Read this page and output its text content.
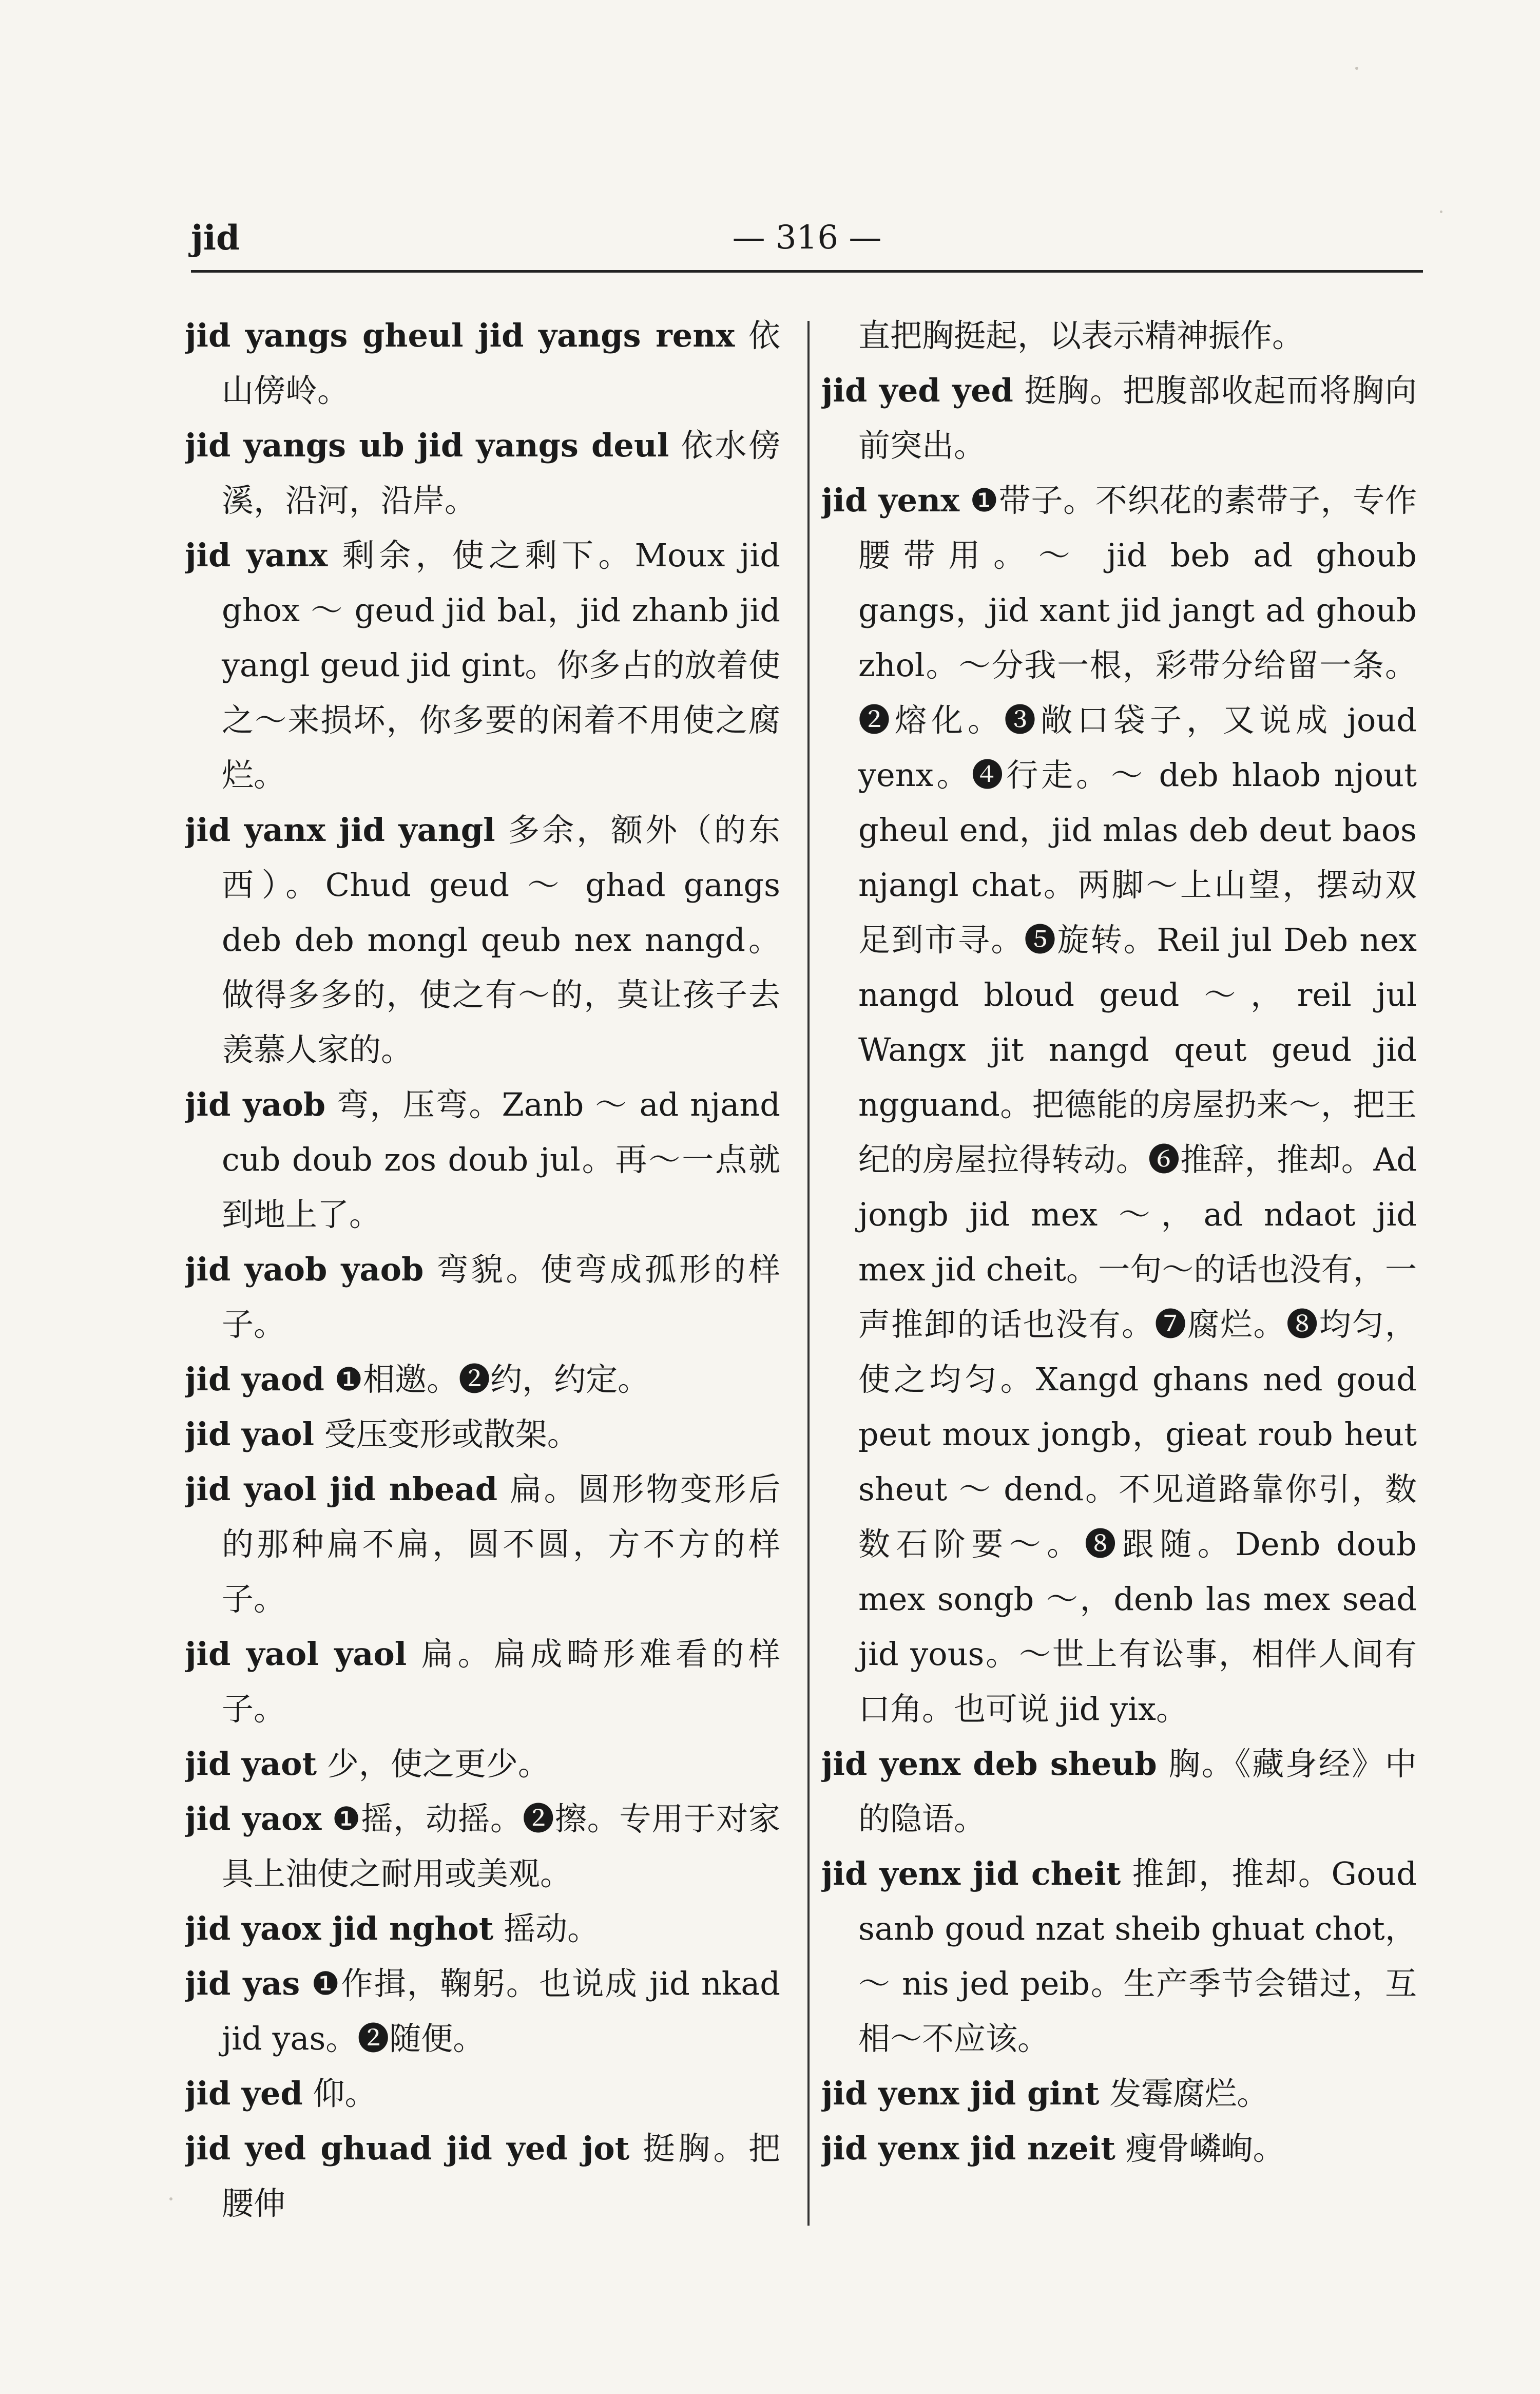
jid	— 316 —
jid yangs gheul jid yangs renx 依山傍岭。
jid yangs ub jid yangs deul 依水傍溪，沿河，沿岸。
jid yanx 剩余，使之剩下。Moux jid ghox ～ geud jid bal，jid zhanb jid yangl geud jid gint。你多占的放着使之～来损坏，你多要的闲着不用使之腐烂。
jid yanx jid yangl 多余，额外（的东西）。Chud geud ～ ghad gangs deb deb mongl qeub nex nangd。做得多多的，使之有～的，莫让孩子去羡慕人家的。
jid yaob 弯，压弯。Zanb ～ ad njand cub doub zos doub jul。再～一点就到地上了。
jid yaob yaob 弯貌。使弯成孤形的样子。
jid yaod ❶相邀。❷约，约定。
jid yaol 受压变形或散架。
jid yaol jid nbead 扁。圆形物变形后的那种扁不扁，圆不圆，方不方的样子。
jid yaol yaol 扁。扁成畸形难看的样子。
jid yaot 少，使之更少。
jid yaox ❶摇，动摇。❷擦。专用于对家具上油使之耐用或美观。
jid yaox jid nghot 摇动。
jid yas ❶作揖，鞠躬。也说成 jid nkad jid yas。❷随便。
jid yed 仰。
jid yed ghuad jid yed jot 挺胸。把腰伸
直把胸挺起，以表示精神振作。
jid yed yed 挺胸。把腹部收起而将胸向前突出。
jid yenx ❶带子。不织花的素带子，专作腰带用。～ jid beb ad ghoub gangs，jid xant jid jangt ad ghoub zhol。～分我一根，彩带分给留一条。❷熔化。❸敞口袋子，又说成 joud yenx。❹行走。～ deb hlaob njout gheul end，jid mlas deb deut baos njangl chat。两脚～上山望，摆动双足到市寻。❺旋转。Reil jul Deb nex nangd bloud geud ～，reil jul Wangx jit nangd qeut geud jid ngguand。把德能的房屋扔来～，把王纪的房屋拉得转动。❻推辞，推却。Ad jongb jid mex ～，ad ndaot jid mex jid cheit。一句～的话也没有，一声推卸的话也没有。❼腐烂。❽均匀，使之均匀。Xangd ghans ned goud peut moux jongb，gieat roub heut sheut ～ dend。不见道路靠你引，数数石阶要～。❽跟随。Denb doub mex songb ～，denb las mex sead jid yous。～世上有讼事，相伴人间有口角。也可说 jid yix。
jid yenx deb sheub 胸。《藏身经》中的隐语。
jid yenx jid cheit 推卸，推却。Goud sanb goud nzat sheib ghuat chot，～ nis jed peib。生产季节会错过，互相～不应该。
jid yenx jid gint 发霉腐烂。
jid yenx jid nzeit 瘦骨嶙峋。
